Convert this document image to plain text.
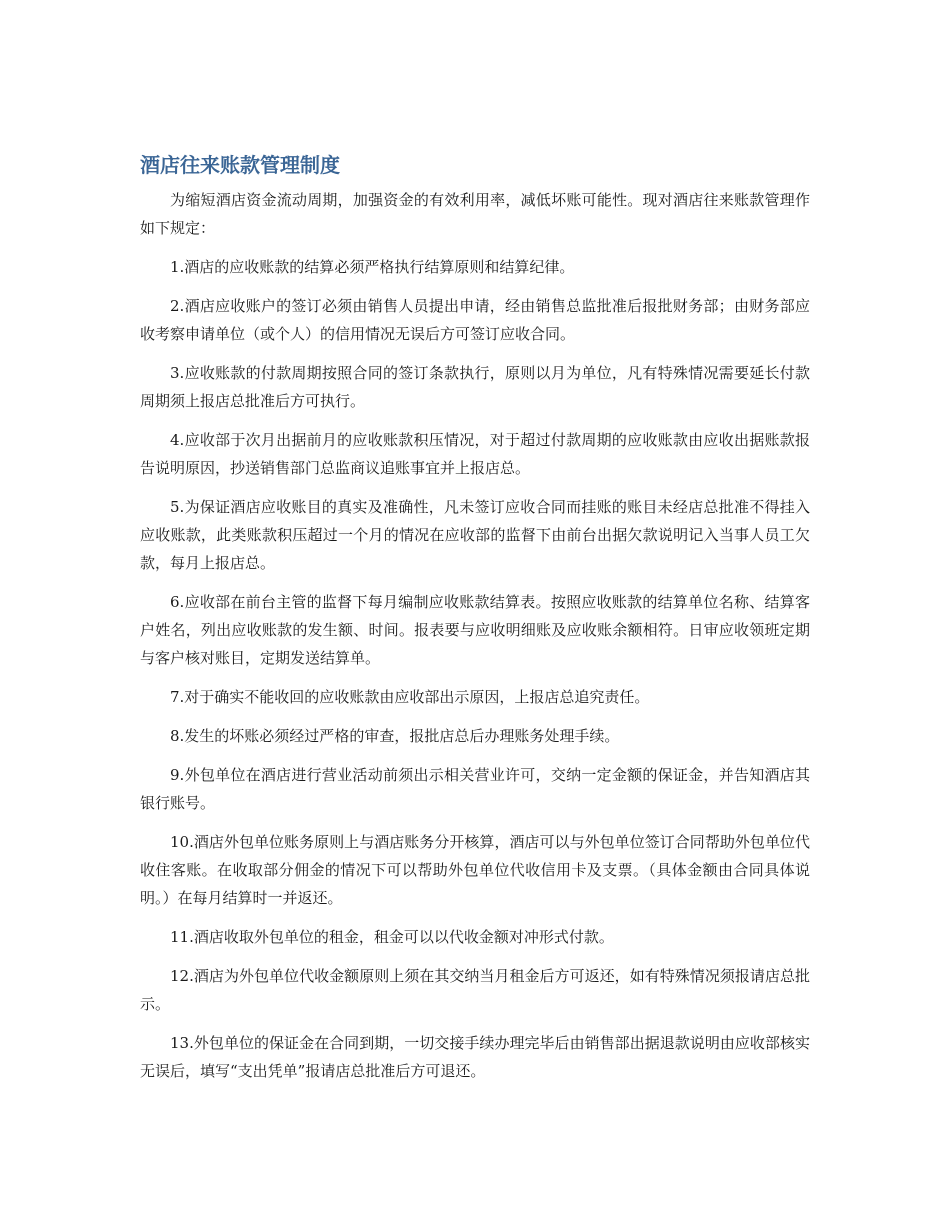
酒店往来账款管理制度

为缩短酒店资金流动周期，加强资金的有效利用率，减低坏账可能性。现对酒店往来账款管理作如下规定：

1.酒店的应收账款的结算必须严格执行结算原则和结算纪律。

2.酒店应收账户的签订必须由销售人员提出申请，经由销售总监批准后报批财务部；由财务部应收考察申请单位（或个人）的信用情况无误后方可签订应收合同。

3.应收账款的付款周期按照合同的签订条款执行，原则以月为单位，凡有特殊情况需要延长付款周期须上报店总批准后方可执行。

4.应收部于次月出据前月的应收账款积压情况，对于超过付款周期的应收账款由应收出据账款报告说明原因，抄送销售部门总监商议追账事宜并上报店总。

5.为保证酒店应收账目的真实及准确性，凡未签订应收合同而挂账的账目未经店总批准不得挂入应收账款，此类账款积压超过一个月的情况在应收部的监督下由前台出据欠款说明记入当事人员工欠款，每月上报店总。

6.应收部在前台主管的监督下每月编制应收账款结算表。按照应收账款的结算单位名称、结算客户姓名，列出应收账款的发生额、时间。报表要与应收明细账及应收账余额相符。日审应收领班定期与客户核对账目，定期发送结算单。

7.对于确实不能收回的应收账款由应收部出示原因，上报店总追究责任。

8.发生的坏账必须经过严格的审查，报批店总后办理账务处理手续。

9.外包单位在酒店进行营业活动前须出示相关营业许可，交纳一定金额的保证金，并告知酒店其银行账号。

10.酒店外包单位账务原则上与酒店账务分开核算，酒店可以与外包单位签订合同帮助外包单位代收住客账。在收取部分佣金的情况下可以帮助外包单位代收信用卡及支票。（具体金额由合同具体说明。）在每月结算时一并返还。

11.酒店收取外包单位的租金，租金可以以代收金额对冲形式付款。

12.酒店为外包单位代收金额原则上须在其交纳当月租金后方可返还，如有特殊情况须报请店总批示。

13.外包单位的保证金在合同到期，一切交接手续办理完毕后由销售部出据退款说明由应收部核实无误后，填写“支出凭单”报请店总批准后方可退还。
